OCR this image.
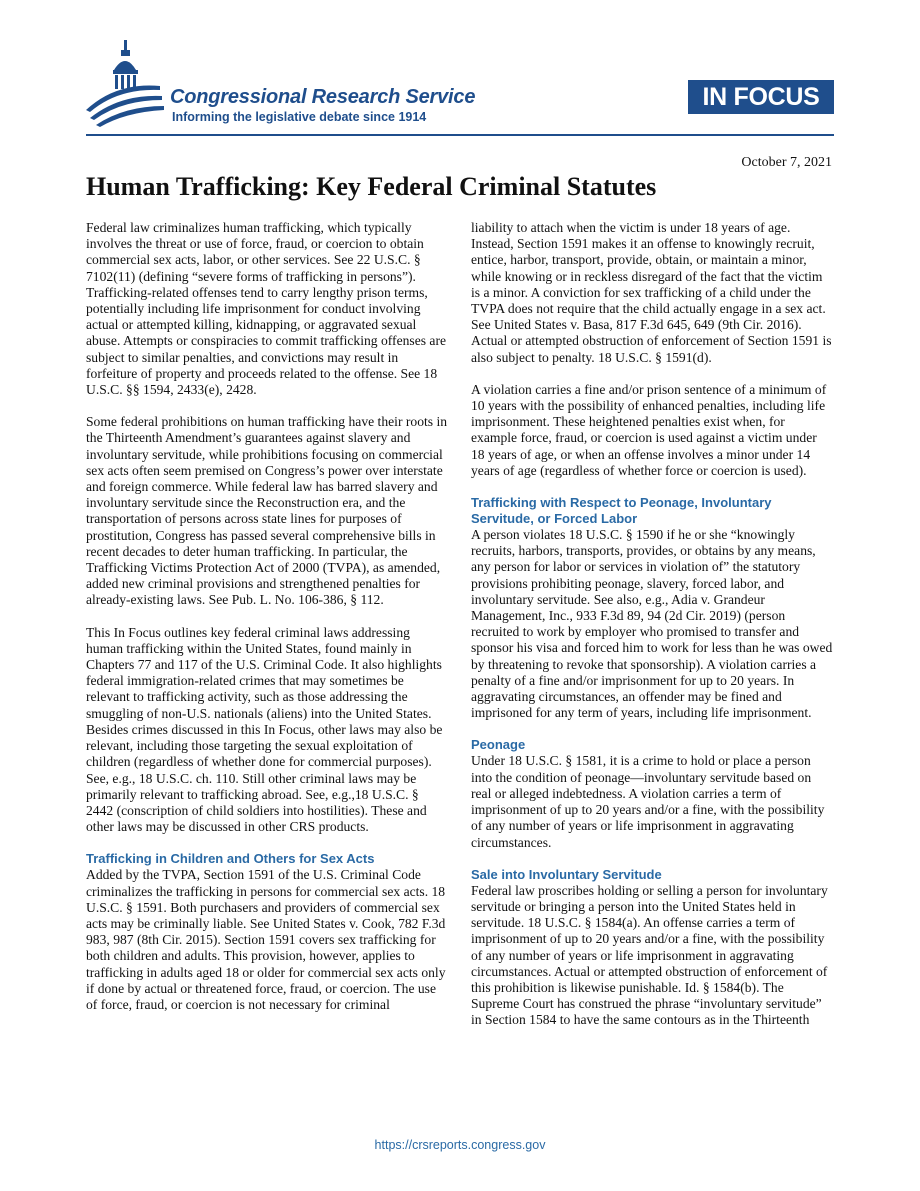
Congressional Research Service
Informing the legislative debate since 1914
IN FOCUS
October 7, 2021
Human Trafficking: Key Federal Criminal Statutes

Federal law criminalizes human trafficking, which typically involves the threat or use of force, fraud, or coercion to obtain commercial sex acts, labor, or other services. See 22 U.S.C. § 7102(11) (defining “severe forms of trafficking in persons”). Trafficking-related offenses tend to carry lengthy prison terms, potentially including life imprisonment for conduct involving actual or attempted killing, kidnapping, or aggravated sexual abuse. Attempts or conspiracies to commit trafficking offenses are subject to similar penalties, and convictions may result in forfeiture of property and proceeds related to the offense. See 18 U.S.C. §§ 1594, 2433(e), 2428.

Some federal prohibitions on human trafficking have their roots in the Thirteenth Amendment’s guarantees against slavery and involuntary servitude, while prohibitions focusing on commercial sex acts often seem premised on Congress’s power over interstate and foreign commerce. While federal law has barred slavery and involuntary servitude since the Reconstruction era, and the transportation of persons across state lines for purposes of prostitution, Congress has passed several comprehensive bills in recent decades to deter human trafficking. In particular, the Trafficking Victims Protection Act of 2000 (TVPA), as amended, added new criminal provisions and strengthened penalties for already-existing laws. See Pub. L. No. 106-386, § 112.

This In Focus outlines key federal criminal laws addressing human trafficking within the United States, found mainly in Chapters 77 and 117 of the U.S. Criminal Code. It also highlights federal immigration-related crimes that may sometimes be relevant to trafficking activity, such as those addressing the smuggling of non-U.S. nationals (aliens) into the United States. Besides crimes discussed in this In Focus, other laws may also be relevant, including those targeting the sexual exploitation of children (regardless of whether done for commercial purposes). See, e.g., 18 U.S.C. ch. 110. Still other criminal laws may be primarily relevant to trafficking abroad. See, e.g.,18 U.S.C. § 2442 (conscription of child soldiers into hostilities). These and other laws may be discussed in other CRS products.

Trafficking in Children and Others for Sex Acts

Added by the TVPA, Section 1591 of the U.S. Criminal Code criminalizes the trafficking in persons for commercial sex acts. 18 U.S.C. § 1591. Both purchasers and providers of commercial sex acts may be criminally liable. See United States v. Cook, 782 F.3d 983, 987 (8th Cir. 2015). Section 1591 covers sex trafficking for both children and adults. This provision, however, applies to trafficking in adults aged 18 or older for commercial sex acts only if done by actual or threatened force, fraud, or coercion. The use of force, fraud, or coercion is not necessary for criminal

liability to attach when the victim is under 18 years of age. Instead, Section 1591 makes it an offense to knowingly recruit, entice, harbor, transport, provide, obtain, or maintain a minor, while knowing or in reckless disregard of the fact that the victim is a minor. A conviction for sex trafficking of a child under the TVPA does not require that the child actually engage in a sex act. See United States v. Basa, 817 F.3d 645, 649 (9th Cir. 2016). Actual or attempted obstruction of enforcement of Section 1591 is also subject to penalty. 18 U.S.C. § 1591(d).

A violation carries a fine and/or prison sentence of a minimum of 10 years with the possibility of enhanced penalties, including life imprisonment. These heightened penalties exist when, for example force, fraud, or coercion is used against a victim under 18 years of age, or when an offense involves a minor under 14 years of age (regardless of whether force or coercion is used).

Trafficking with Respect to Peonage, Involuntary Servitude, or Forced Labor

A person violates 18 U.S.C. § 1590 if he or she “knowingly recruits, harbors, transports, provides, or obtains by any means, any person for labor or services in violation of” the statutory provisions prohibiting peonage, slavery, forced labor, and involuntary servitude. See also, e.g., Adia v. Grandeur Management, Inc., 933 F.3d 89, 94 (2d Cir. 2019) (person recruited to work by employer who promised to transfer and sponsor his visa and forced him to work for less than he was owed by threatening to revoke that sponsorship). A violation carries a penalty of a fine and/or imprisonment for up to 20 years. In aggravating circumstances, an offender may be fined and imprisoned for any term of years, including life imprisonment.

Peonage

Under 18 U.S.C. § 1581, it is a crime to hold or place a person into the condition of peonage—involuntary servitude based on real or alleged indebtedness. A violation carries a term of imprisonment of up to 20 years and/or a fine, with the possibility of any number of years or life imprisonment in aggravating circumstances.

Sale into Involuntary Servitude

Federal law proscribes holding or selling a person for involuntary servitude or bringing a person into the United States held in servitude. 18 U.S.C. § 1584(a). An offense carries a term of imprisonment of up to 20 years and/or a fine, with the possibility of any number of years or life imprisonment in aggravating circumstances. Actual or attempted obstruction of enforcement of this prohibition is likewise punishable. Id. § 1584(b). The Supreme Court has construed the phrase “involuntary servitude” in Section 1584 to have the same contours as in the Thirteenth

https://crsreports.congress.gov
